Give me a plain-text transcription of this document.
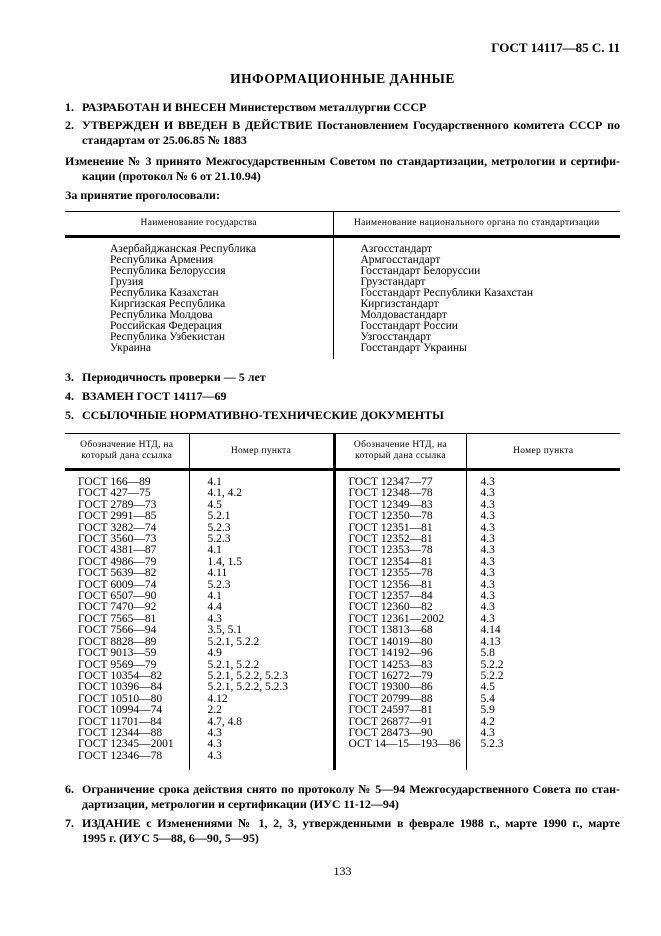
ГОСТ 14117—85 С. 11
ИНФОРМАЦИОННЫЕ ДАННЫЕ
1. РАЗРАБОТАН И ВНЕСЕН Министерством металлургии СССР
2. УТВЕРЖДЕН И ВВЕДЕН В ДЕЙСТВИЕ Постановлением Государственного комитета СССР по
стандартам от 25.06.85 № 1883
Изменение № 3 принято Межгосударственным Советом по стандартизации, метрологии и сертифи-
кации (протокол № 6 от 21.10.94)
За принятие проголосовали:
Наименование государства	Наименование национального органа по стандартизации
Азербайджанская Республика	Азгосстандарт
Республика Армения	Армгосстандарт
Республика Белоруссия	Госстандарт Белоруссии
Грузия	Грузстандарт
Республика Казахстан	Госстандарт Республики Казахстан
Киргизская Республика	Киргизстандарт
Республика Молдова	Молдовастандарт
Российская Федерация	Госстандарт России
Республика Узбекистан	Узгосстандарт
Украина	Госстандарт Украины
3. Периодичность проверки — 5 лет
4. ВЗАМЕН ГОСТ 14117—69
5. ССЫЛОЧНЫЕ НОРМАТИВНО-ТЕХНИЧЕСКИЕ ДОКУМЕНТЫ
Обозначение НТД, на который дана ссылка	Номер пункта	Обозначение НТД, на который дана ссылка	Номер пункта
ГОСТ 166—89	4.1	ГОСТ 12347—77	4.3
ГОСТ 427—75	4.1, 4.2	ГОСТ 12348—78	4.3
ГОСТ 2789—73	4.5	ГОСТ 12349—83	4.3
ГОСТ 2991—85	5.2.1	ГОСТ 12350—78	4.3
ГОСТ 3282—74	5.2.3	ГОСТ 12351—81	4.3
ГОСТ 3560—73	5.2.3	ГОСТ 12352—81	4.3
ГОСТ 4381—87	4.1	ГОСТ 12353—78	4.3
ГОСТ 4986—79	1.4, 1.5	ГОСТ 12354—81	4.3
ГОСТ 5639—82	4.11	ГОСТ 12355—78	4.3
ГОСТ 6009—74	5.2.3	ГОСТ 12356—81	4.3
ГОСТ 6507—90	4.1	ГОСТ 12357—84	4.3
ГОСТ 7470—92	4.4	ГОСТ 12360—82	4.3
ГОСТ 7565—81	4.3	ГОСТ 12361—2002	4.3
ГОСТ 7566—94	3.5, 5.1	ГОСТ 13813—68	4.14
ГОСТ 8828—89	5.2.1, 5.2.2	ГОСТ 14019—80	4.13
ГОСТ 9013—59	4.9	ГОСТ 14192—96	5.8
ГОСТ 9569—79	5.2.1, 5.2.2	ГОСТ 14253—83	5.2.2
ГОСТ 10354—82	5.2.1, 5.2.2, 5.2.3	ГОСТ 16272—79	5.2.2
ГОСТ 10396—84	5.2.1, 5.2.2, 5.2.3	ГОСТ 19300—86	4.5
ГОСТ 10510—80	4.12	ГОСТ 20799—88	5.4
ГОСТ 10994—74	2.2	ГОСТ 24597—81	5.9
ГОСТ 11701—84	4.7, 4.8	ГОСТ 26877—91	4.2
ГОСТ 12344—88	4.3	ГОСТ 28473—90	4.3
ГОСТ 12345—2001	4.3	ОСТ 14—15—193—86	5.2.3
ГОСТ 12346—78	4.3		
6. Ограничение срока действия снято по протоколу № 5—94 Межгосударственного Совета по стан-
дартизации, метрологии и сертификации (ИУС 11-12—94)
7. ИЗДАНИЕ с Изменениями № 1, 2, 3, утвержденными в феврале 1988 г., марте 1990 г., марте
1995 г. (ИУС 5—88, 6—90, 5—95)
133
